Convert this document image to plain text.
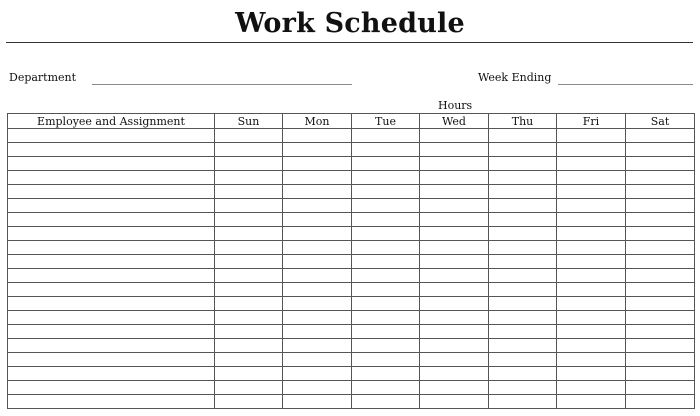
Work Schedule
Department	Week Ending
Hours
Employee and Assignment	Sun	Mon	Tue	Wed	Thu	Fri	Sat
